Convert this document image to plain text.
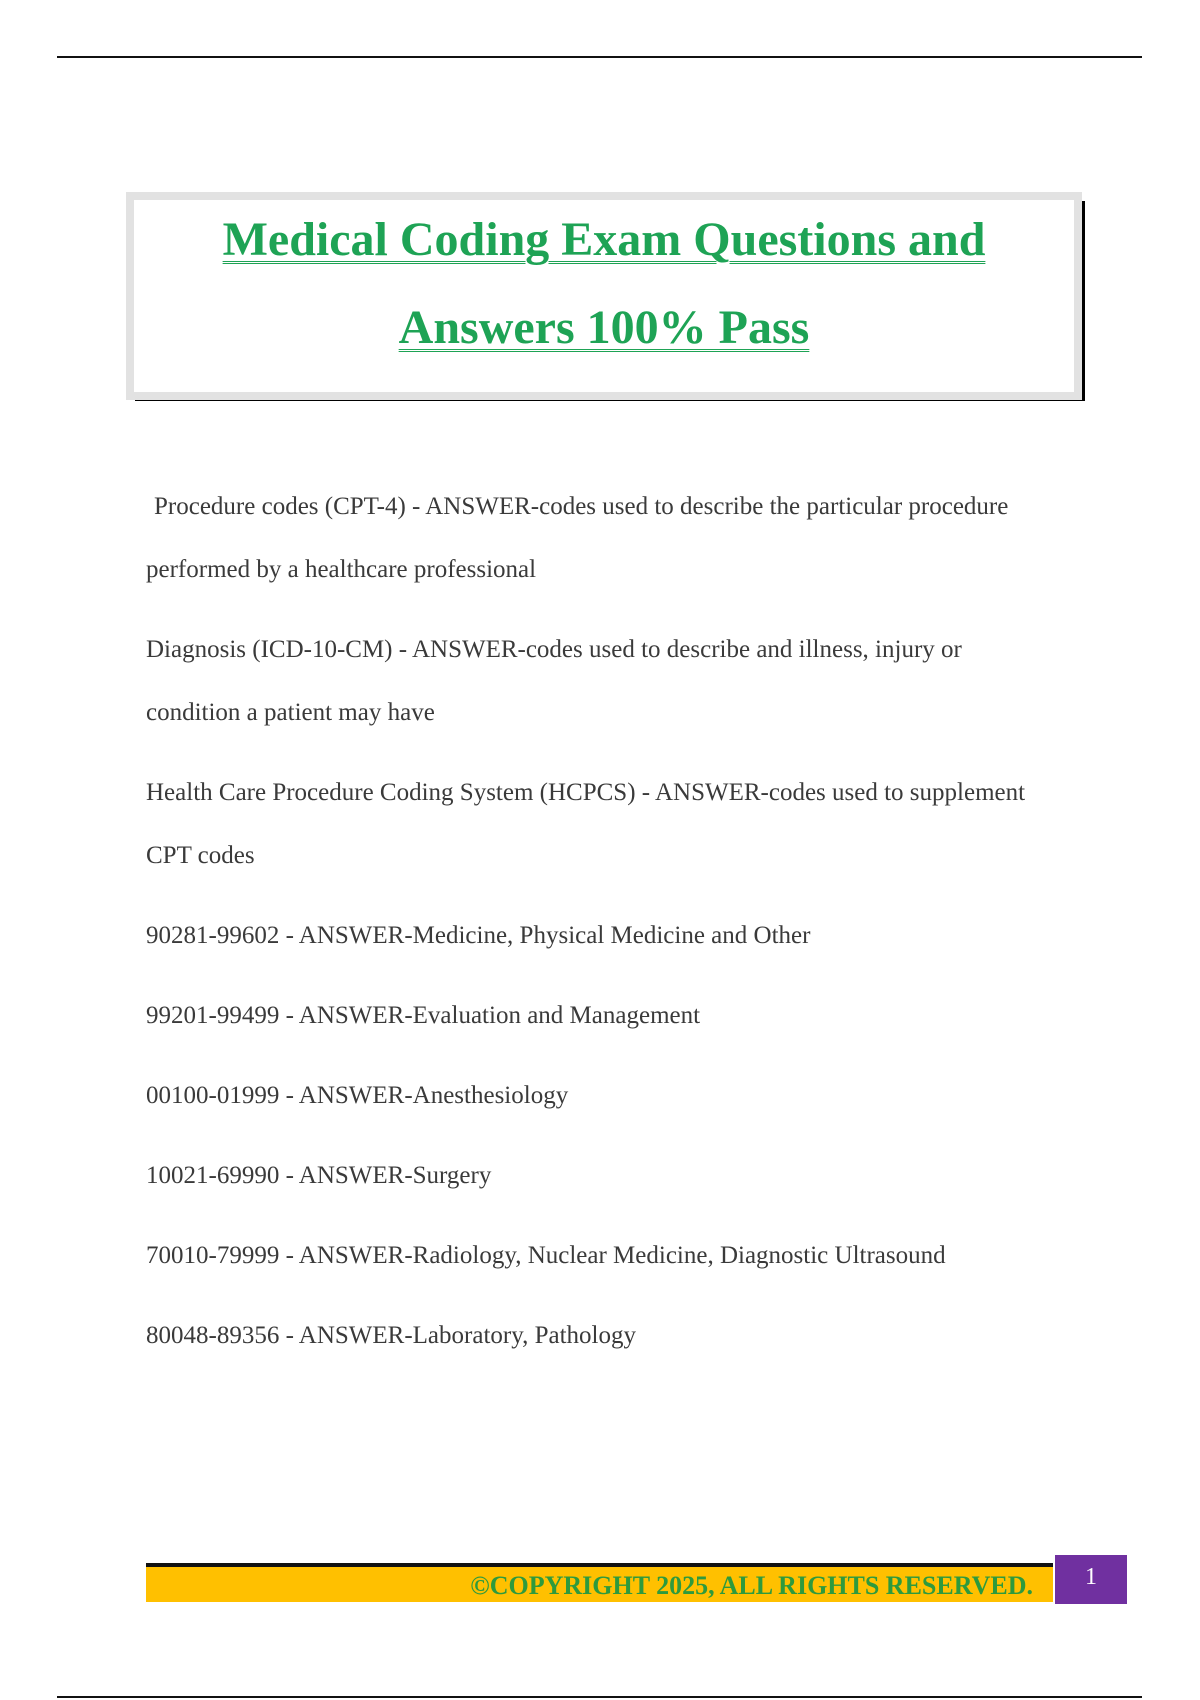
Medical Coding Exam Questions and
Answers 100% Pass

Procedure codes (CPT-4) - ANSWER-codes used to describe the particular procedure performed by a healthcare professional

Diagnosis (ICD-10-CM) - ANSWER-codes used to describe and illness, injury or condition a patient may have

Health Care Procedure Coding System (HCPCS) - ANSWER-codes used to supplement CPT codes

90281-99602 - ANSWER-Medicine, Physical Medicine and Other

99201-99499 - ANSWER-Evaluation and Management

00100-01999 - ANSWER-Anesthesiology

10021-69990 - ANSWER-Surgery

70010-79999 - ANSWER-Radiology, Nuclear Medicine, Diagnostic Ultrasound

80048-89356 - ANSWER-Laboratory, Pathology

©COPYRIGHT 2025, ALL RIGHTS RESERVED.	1
